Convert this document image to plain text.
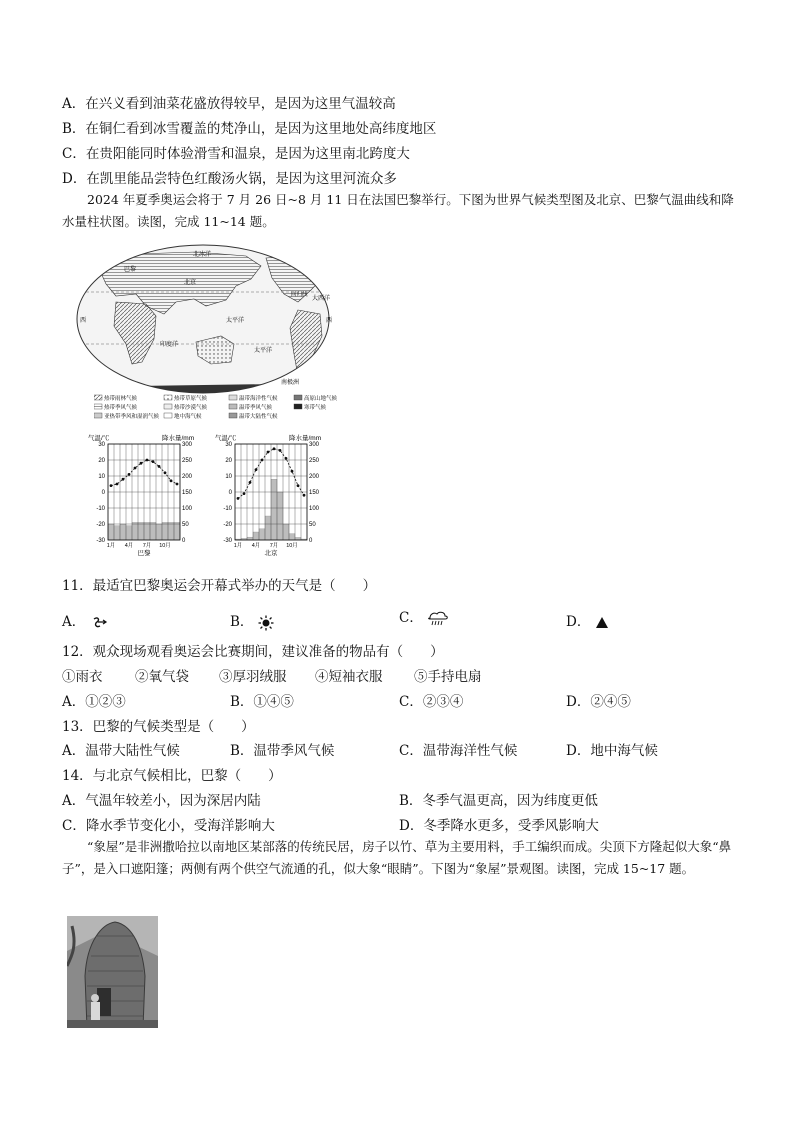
A．在兴义看到油菜花盛放得较早，是因为这里气温较高
B．在铜仁看到冰雪覆盖的梵净山，是因为这里地处高纬度地区
C．在贵阳能同时体验滑雪和温泉，是因为这里南北跨度大
D．在凯里能品尝特色红酸汤火锅，是因为这里河流众多
2024 年夏季奥运会将于 7 月 26 日~8 月 11 日在法国巴黎举行。下图为世界气候类型图及北京、巴黎气温曲线和降水量柱状图。读图，完成 11~14 题。
北冰洋
巴黎
北京
太平洋
大西洋
印度洋
太平洋
南极洲
西	西
回归线
热带雨林气候	热带草原气候	温带海洋性气候	高原山地气候
热带季风气候	热带沙漠气候	温带季风气候	寒带气候
亚热带季风和湿润气候	地中海气候	温带大陆性气候
气温/℃	降水量/mm
30
20
10
0
-10
-20
-30
300
250
200
150
100
50
0
1月 4月 7月 10月
巴黎
气温/℃	降水量/mm
30
20
10
0
-10
-20
-30
300
250
200
150
100
50
0
1月 4月 7月 10月
北京
11．最适宜巴黎奥运会开幕式举办的天气是（　　）
A．	B．	C．	D．
12．观众现场观看奥运会比赛期间，建议准备的物品有（　　）
①雨衣 ②氧气袋 ③厚羽绒服 ④短袖衣服 ⑤手持电扇
A．①②③	B．①④⑤	C．②③④	D．②④⑤
13．巴黎的气候类型是（　　）
A．温带大陆性气候	B．温带季风气候	C．温带海洋性气候	D．地中海气候
14．与北京气候相比，巴黎（　　）
A．气温年较差小，因为深居内陆	B．冬季气温更高，因为纬度更低
C．降水季节变化小，受海洋影响大	D．冬季降水更多，受季风影响大
“象屋”是非洲撒哈拉以南地区某部落的传统民居，房子以竹、草为主要用料，手工编织而成。尖顶下方隆起似大象“鼻子”，是入口遮阳篷；两侧有两个供空气流通的孔，似大象“眼睛”。下图为“象屋”景观图。读图，完成 15~17 题。
